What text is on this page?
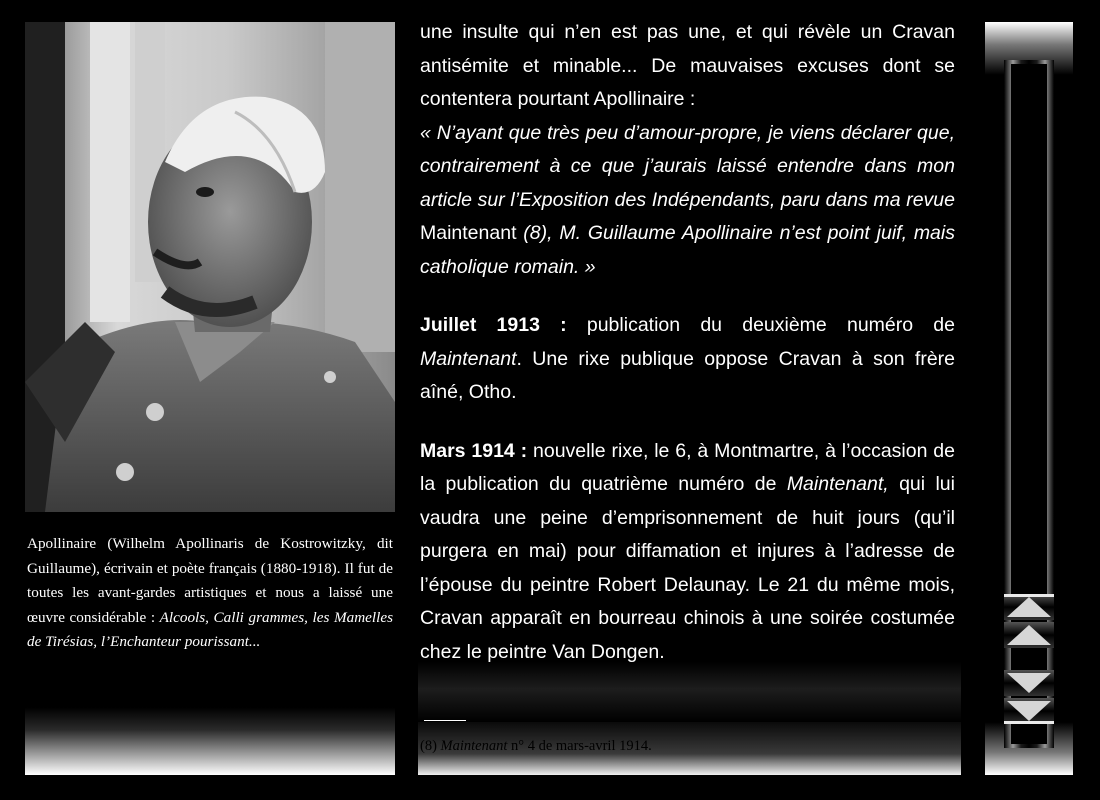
Apollinaire (Wilhelm Apollinaris de Kostrowitzky, dit Guillaume), écrivain et poète français (1880-1918). Il fut de toutes les avant-gardes artistiques et nous a laissé une œuvre considérable : Alcools, Calli grammes, les Mamelles de Tirésias, l’Enchanteur pourissant...

une insulte qui n’en est pas une, et qui révèle un Cravan antisémite et minable... De mauvaises excuses dont se contentera pourtant Apollinaire :

« N’ayant que très peu d’amour-propre, je viens déclarer que, contrairement à ce que j’aurais laissé entendre dans mon article sur l’Exposition des Indépendants, paru dans ma revue Maintenant (8), M. Guillaume Apollinaire n’est point juif, mais catholique romain. »

Juillet 1913 : publication du deuxième numéro de Maintenant. Une rixe publique oppose Cravan à son frère aîné, Otho.

Mars 1914 : nouvelle rixe, le 6, à Montmartre, à l’occasion de la publication du quatrième numéro de Maintenant, qui lui vaudra une peine d’emprisonnement de huit jours (qu’il purgera en mai) pour diffamation et injures à l’adresse de l’épouse du peintre Robert Delaunay. Le 21 du même mois, Cravan apparaît en bourreau chinois à une soirée costumée chez le peintre Van Dongen.

(8) Maintenant n° 4 de mars-avril 1914.
